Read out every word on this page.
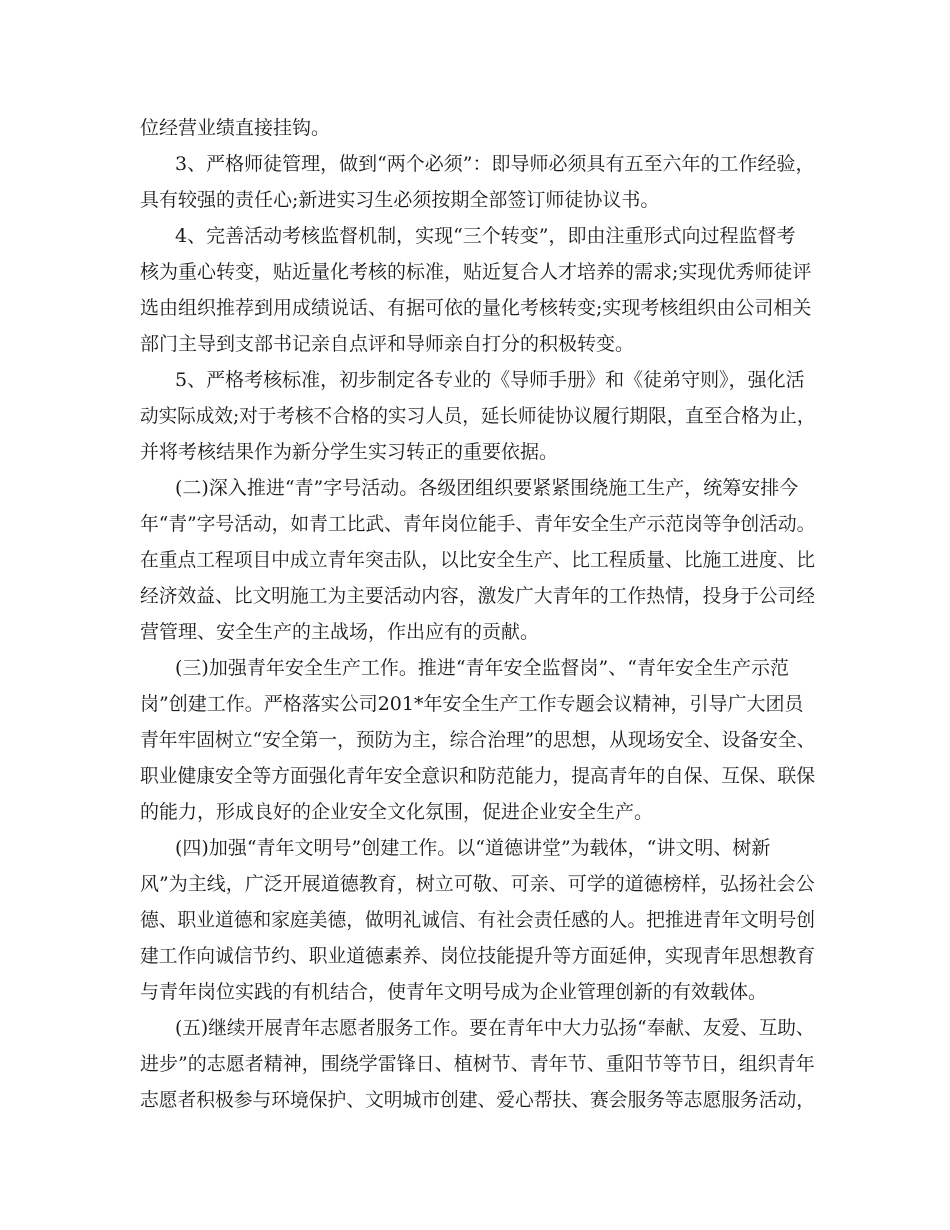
位经营业绩直接挂钩。

3、严格师徒管理，做到“两个必须”：即导师必须具有五至六年的工作经验，

具有较强的责任心;新进实习生必须按期全部签订师徒协议书。

4、完善活动考核监督机制，实现“三个转变”，即由注重形式向过程监督考

核为重心转变，贴近量化考核的标准，贴近复合人才培养的需求;实现优秀师徒评

选由组织推荐到用成绩说话、有据可依的量化考核转变;实现考核组织由公司相关

部门主导到支部书记亲自点评和导师亲自打分的积极转变。

5、严格考核标准，初步制定各专业的《导师手册》和《徒弟守则》，强化活

动实际成效;对于考核不合格的实习人员，延长师徒协议履行期限，直至合格为止，

并将考核结果作为新分学生实习转正的重要依据。

(二)深入推进“青”字号活动。各级团组织要紧紧围绕施工生产，统筹安排今

年“青”字号活动，如青工比武、青年岗位能手、青年安全生产示范岗等争创活动。

在重点工程项目中成立青年突击队，以比安全生产、比工程质量、比施工进度、比

经济效益、比文明施工为主要活动内容，激发广大青年的工作热情，投身于公司经

营管理、安全生产的主战场，作出应有的贡献。

(三)加强青年安全生产工作。推进“青年安全监督岗”、“青年安全生产示范

岗”创建工作。严格落实公司201*年安全生产工作专题会议精神，引导广大团员

青年牢固树立“安全第一，预防为主，综合治理”的思想，从现场安全、设备安全、

职业健康安全等方面强化青年安全意识和防范能力，提高青年的自保、互保、联保

的能力，形成良好的企业安全文化氛围，促进企业安全生产。

(四)加强“青年文明号”创建工作。以“道德讲堂”为载体，“讲文明、树新

风”为主线，广泛开展道德教育，树立可敬、可亲、可学的道德榜样，弘扬社会公

德、职业道德和家庭美德，做明礼诚信、有社会责任感的人。把推进青年文明号创

建工作向诚信节约、职业道德素养、岗位技能提升等方面延伸，实现青年思想教育

与青年岗位实践的有机结合，使青年文明号成为企业管理创新的有效载体。

(五)继续开展青年志愿者服务工作。要在青年中大力弘扬“奉献、友爱、互助、

进步”的志愿者精神，围绕学雷锋日、植树节、青年节、重阳节等节日，组织青年

志愿者积极参与环境保护、文明城市创建、爱心帮扶、赛会服务等志愿服务活动，
